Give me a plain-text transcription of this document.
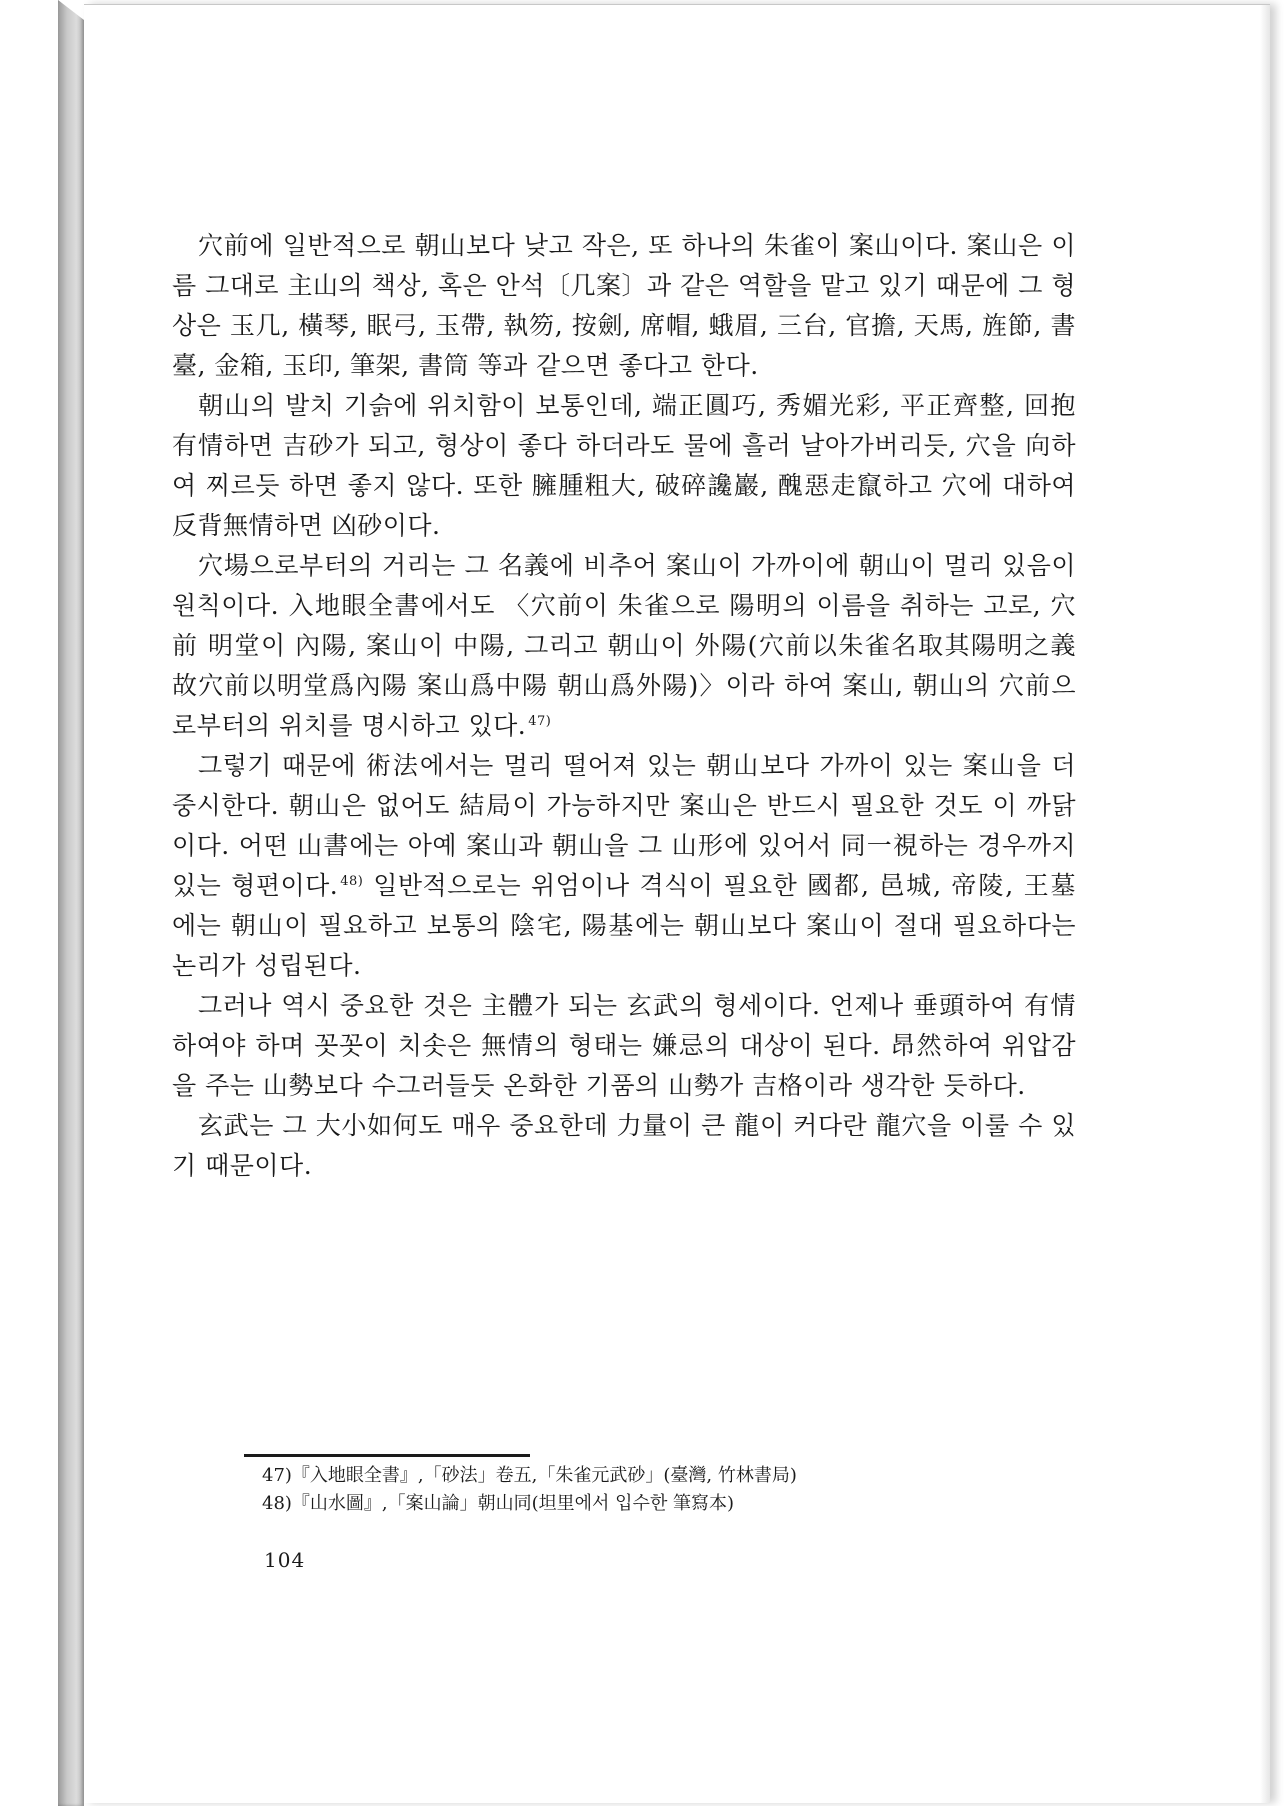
穴前에 일반적으로 朝山보다 낮고 작은, 또 하나의 朱雀이 案山이다. 案山은 이름 그대로 主山의 책상, 혹은 안석〔几案〕과 같은 역할을 맡고 있기 때문에 그 형상은 玉几, 橫琴, 眠弓, 玉帶, 執笏, 按劍, 席帽, 蛾眉, 三台, 官擔, 天馬, 旌節, 書臺, 金箱, 玉印, 筆架, 書筒 等과 같으면 좋다고 한다.

朝山의 발치 기슭에 위치함이 보통인데, 端正圓巧, 秀媚光彩, 平正齊整, 回抱有情하면 吉砂가 되고, 형상이 좋다 하더라도 물에 흘러 날아가버리듯, 穴을 向하여 찌르듯 하면 좋지 않다. 또한 臃腫粗大, 破碎讒巖, 醜惡走竄하고 穴에 대하여 反背無情하면 凶砂이다.

穴場으로부터의 거리는 그 名義에 비추어 案山이 가까이에 朝山이 멀리 있음이 원칙이다. 入地眼全書에서도 〈穴前이 朱雀으로 陽明의 이름을 취하는 고로, 穴前 明堂이 內陽, 案山이 中陽, 그리고 朝山이 外陽(穴前以朱雀名取其陽明之義 故穴前以明堂爲內陽 案山爲中陽 朝山爲外陽)〉이라 하여 案山, 朝山의 穴前으로부터의 위치를 명시하고 있다. $^{47)}$

그렇기 때문에 術法에서는 멀리 떨어져 있는 朝山보다 가까이 있는 案山을 더 중시한다. 朝山은 없어도 結局이 가능하지만 案山은 반드시 필요한 것도 이 까닭이다. 어떤 山書에는 아예 案山과 朝山을 그 山形에 있어서 同一視하는 경우까지 있는 형편이다. $^{48)}$ 일반적으로는 위엄이나 격식이 필요한 國都, 邑城, 帝陵, 王墓에는 朝山이 필요하고 보통의 陰宅, 陽基에는 朝山보다 案山이 절대 필요하다는 논리가 성립된다.

그러나 역시 중요한 것은 主體가 되는 玄武의 형세이다. 언제나 垂頭하여 有情하여야 하며 꼿꼿이 치솟은 無情의 형태는 嫌忌의 대상이 된다. 昂然하여 위압감을 주는 山勢보다 수그러들듯 온화한 기품의 山勢가 吉格이라 생각한 듯하다.

玄武는 그 大小如何도 매우 중요한데 力量이 큰 龍이 커다란 龍穴을 이룰 수 있기 때문이다.

47)『入地眼全書』,「砂法」卷五,「朱雀元武砂」(臺灣, 竹林書局)

48)『山水圖』,「案山論」朝山同(坦里에서 입수한 筆寫本)

104
